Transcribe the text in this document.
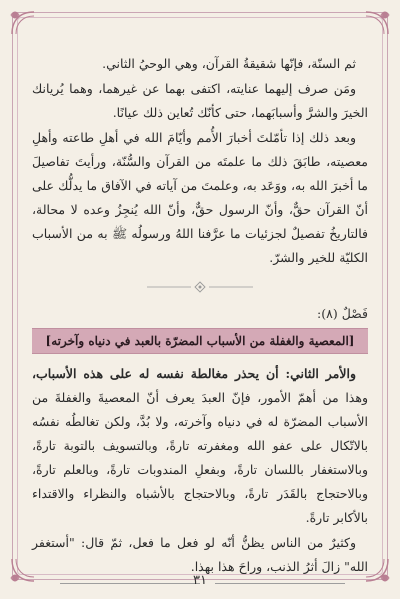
ثم السنّة، فإنّها شقيقةُ القرآن، وهي الوحيُ الثاني.

ومَن صرف إليهما عنايته، اكتفى بهما عن غيرهما، وهما يُريانك الخيرَ والشرَّ وأسبابَهما، حتى كأنّك تُعاين ذلك عيانًا.

وبعد ذلك إذا تأمّلتَ أخبارَ الأُمم وأيّامَ الله في أهلِ طاعته وأهلِ معصيته، طابَقَ ذلك ما علمتَه من القرآن والسُّنّة، ورأيتَ تفاصيلَ ما أخبرَ الله به، ووَعَد به، وعلمتَ من آياته في الآفاق ما يدلُّك على أنّ القرآن حقٌّ، وأنّ الرسول حقٌّ، وأنّ الله يُنجِزُ وعده لا محالة، فالتاريخُ تفصيلٌ لجزئيات ما عرَّفنا اللهُ ورسولُه ﷺ به من الأسباب الكليّة للخير والشرّ.

فَصْلٌ (٨):
[المعصية والغفلة من الأسباب المضرّة بالعبد في دنياه وآخرته]

والأمر الثاني: أن يحذر مغالطة نفسه له على هذه الأسباب، وهذا من أهمّ الأمور، فإنّ العبدَ يعرف أنّ المعصيةَ والغفلةَ من الأسباب المضرّة له في دنياه وآخرته، ولا بُدَّ، ولكن تغالطُه نفسُه بالاتّكال على عفو الله ومغفرته تارةً، وبالتسويف بالتوبة تارةً، وبالاستغفار باللسان تارةً، وبفعلِ المندوبات تارةً، وبالعلم تارةً، وبالاحتجاج بالقَدَر تارةً، وبالاحتجاج بالأشباه والنظراء والاقتداء بالأكابر تارةً.

وكثيرٌ من الناس يظنُّ أنّه لو فعل ما فعل، ثمّ قال: "أستغفر الله" زالَ أثرُ الذنب، وراحَ هذا بهذا.

٣١
